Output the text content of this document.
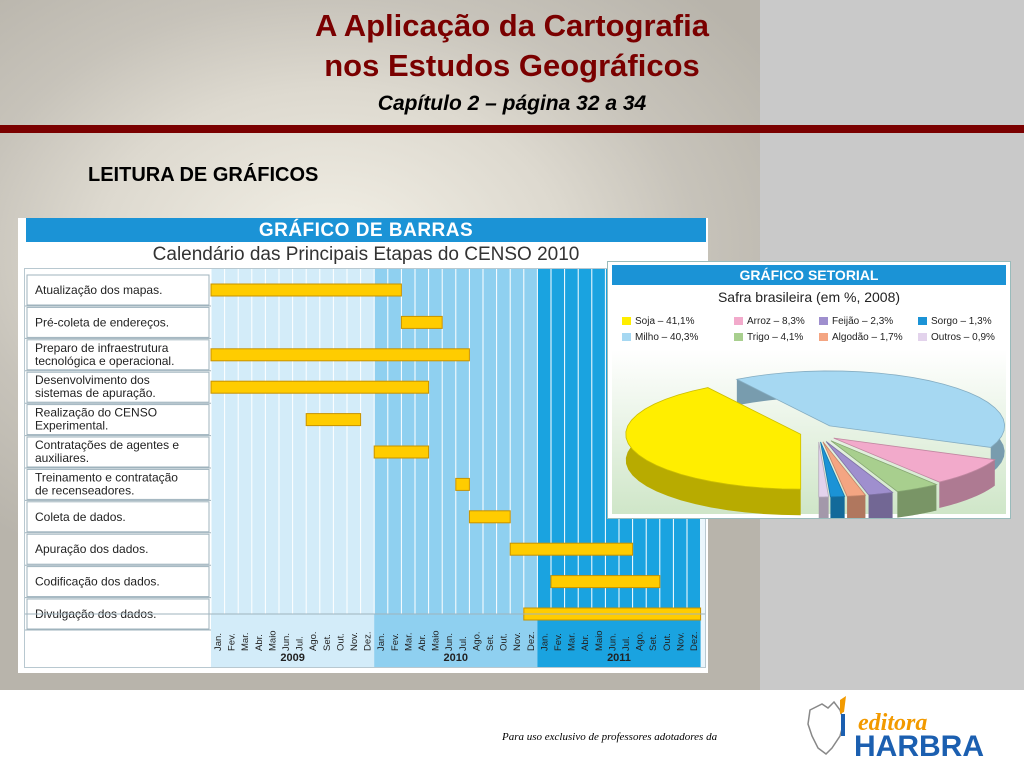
A Aplicação da Cartografia
nos Estudos Geográficos
Capítulo 2 – página 32 a 34
LEITURA DE GRÁFICOS
GRÁFICO DE BARRAS
Calendário das Principais Etapas do CENSO 2010
Atualização dos mapas.
Pré-coleta de endereços.
Preparo de infraestrutura
tecnológica e operacional.
Desenvolvimento dos
sistemas de apuração.
Realização do CENSO
Experimental.
Contratações de agentes e
auxiliares.
Treinamento e contratação
de recenseadores.
Coleta de dados.
Apuração dos dados.
Codificação dos dados.
Divulgação dos dados.
Jan. Fev. Mar. Abr. Maio Jun. Jul. Ago. Set. Out. Nov. Dez. Jan. Fev. Mar. Abr. Maio Jun. Jul. Ago. Set. Out. Nov. Dez. Jan. Fev. Mar. Abr. Maio Jun. Jul. Ago. Set. Out. Nov. Dez.
2009	2010	2011
GRÁFICO SETORIAL
Safra brasileira (em %, 2008)
Soja – 41,1%	Arroz – 8,3%	Feijão – 2,3%	Sorgo – 1,3%
Milho – 40,3%	Trigo – 4,1%	Algodão – 1,7%	Outros – 0,9%
Para uso exclusivo de professores adotadores da
editora
HARBRA
